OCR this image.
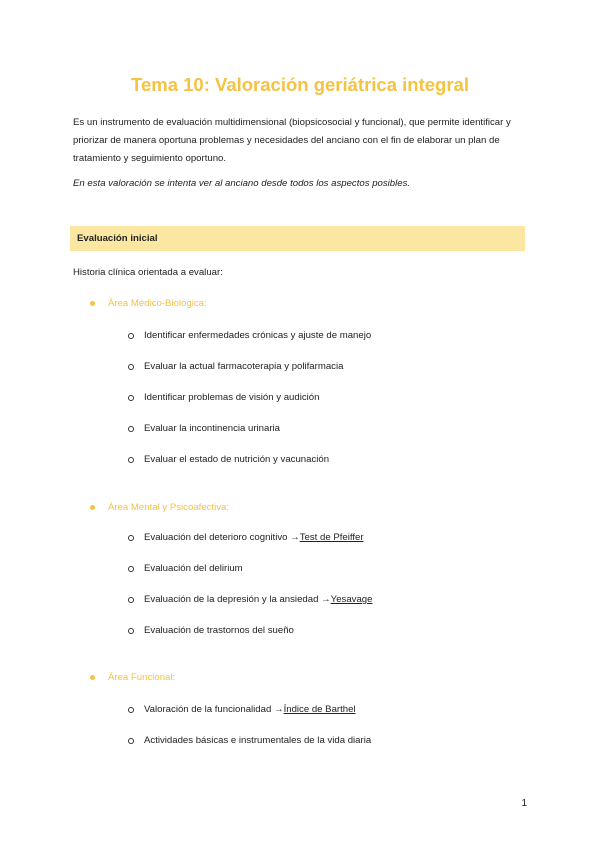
Tema 10: Valoración geriátrica integral

Es un instrumento de evaluación multidimensional (biopsicosocial y funcional), que permite identificar y priorizar de manera oportuna problemas y necesidades del anciano con el fin de elaborar un plan de tratamiento y seguimiento oportuno.

En esta valoración se intenta ver al anciano desde todos los aspectos posibles.

Evaluación inicial

Historia clínica orientada a evaluar:

Área Médico-Biológica:
Identificar enfermedades crónicas y ajuste de manejo
Evaluar la actual farmacoterapia y polifarmacia
Identificar problemas de visión y audición
Evaluar la incontinencia urinaria
Evaluar el estado de nutrición y vacunación
Área Mental y Psicoafectiva:
Evaluación del deterioro cognitivo → Test de Pfeiffer
Evaluación del delirium
Evaluación de la depresión y la ansiedad → Yesavage
Evaluación de trastornos del sueño
Área Funcional:
Valoración de la funcionalidad → Índice de Barthel
Actividades básicas e instrumentales de la vida diaria
1
